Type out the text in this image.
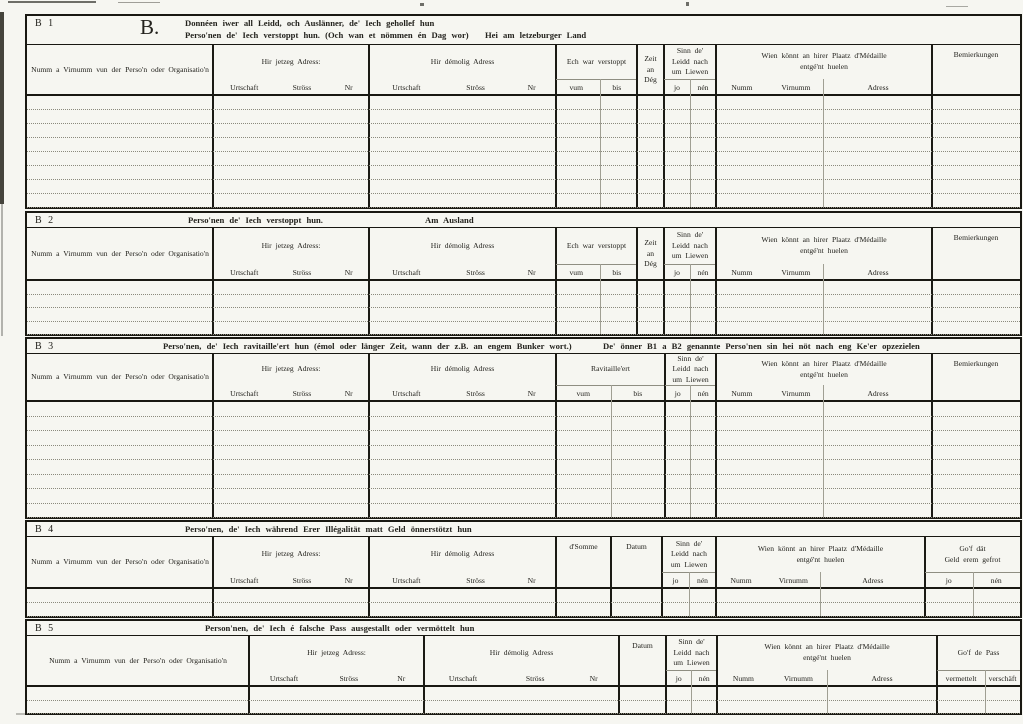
B 1	B.	Donnéen iwer all Leidd, och Auslänner, de' Iech gehollef hun
Perso'nen de' Iech verstoppt hun. (Och wan et nömmen én Dag wor) Hei am letzeburger Land
Numm a Virnumm vun der Perso'n oder Organisatio'n
Hir jetzeg Adress:
Urtschaft	Ströss	Nr
Hir démolig Adress
Urtschaft	Ströss	Nr
Ech war verstoppt
vum	bis
Zeit
an
Dég
Sinn de'
Leidd nach
um Liewen
jo	nén
Wien könnt an hirer Plaatz d'Médaille
entgé'nt huelen
Numm	Virnumm	Adress
Bemierkungen
B 2	Perso'nen de' Iech verstoppt hun.	Am Ausland
Numm a Virnumm vun der Perso'n oder Organisatio'n
Hir jetzeg Adress:
Urtschaft	Ströss	Nr
Hir démolig Adress
Urtschaft	Ströss	Nr
Ech war verstoppt
vum	bis
Zeit
an
Dég
Sinn de'
Leidd nach
um Liewen
jo	nén
Wien könnt an hirer Plaatz d'Médaille
entgé'nt huelen
Numm	Virnumm	Adress
Bemierkungen
B 3	Perso'nen, de' Iech ravitaille'ert hun (émol oder länger Zeit, wann der z.B. an engem Bunker wort.)	De' önner B1 a B2 genannte Perso'nen sin hei nöt nach eng Ke'er opzezielen
Numm a Virnumm vun der Perso'n oder Organisatio'n
Hir jetzeg Adress:
Urtschaft	Ströss	Nr
Hir démolig Adress
Urtschaft	Ströss	Nr
Ravitaille'ert
vum	bis
Sinn de'
Leidd nach
um Liewen
jo	nén
Wien könnt an hirer Plaatz d'Médaille
entgé'nt huelen
Numm	Virnumm	Adress
Bemierkungen
B 4	Perso'nen, de' Iech während Erer Illégalität matt Geld önnerstötzt hun
Numm a Virnumm vun der Perso'n oder Organisatio'n
Hir jetzeg Adress:
Urtschaft	Ströss	Nr
Hir démolig Adress
Urtschaft	Ströss	Nr
d'Somme	Datum	Sinn de'
Leidd nach
um Liewen
jo	nén
Wien könnt an hirer Plaatz d'Médaille
entgé'nt huelen
Numm	Virnumm	Adress
Go'f dät
Geld erem gefrot
jo	nén
B 5	Person'nen, de' Iech é falsche Pass ausgestallt oder vermöttelt hun
Numm a Virnumm vun der Perso'n oder Organisatio'n
Hir jetzeg Adress:
Urtschaft	Ströss	Nr
Hir démolig Adress
Urtschaft	Ströss	Nr
Datum	Sinn de'
Leidd nach
um Liewen
jo	nén
Wien könnt an hirer Plaatz d'Médaille
entgé'nt huelen
Numm	Virnumm	Adress
Go'f de Pass
vermettelt	verschäft
